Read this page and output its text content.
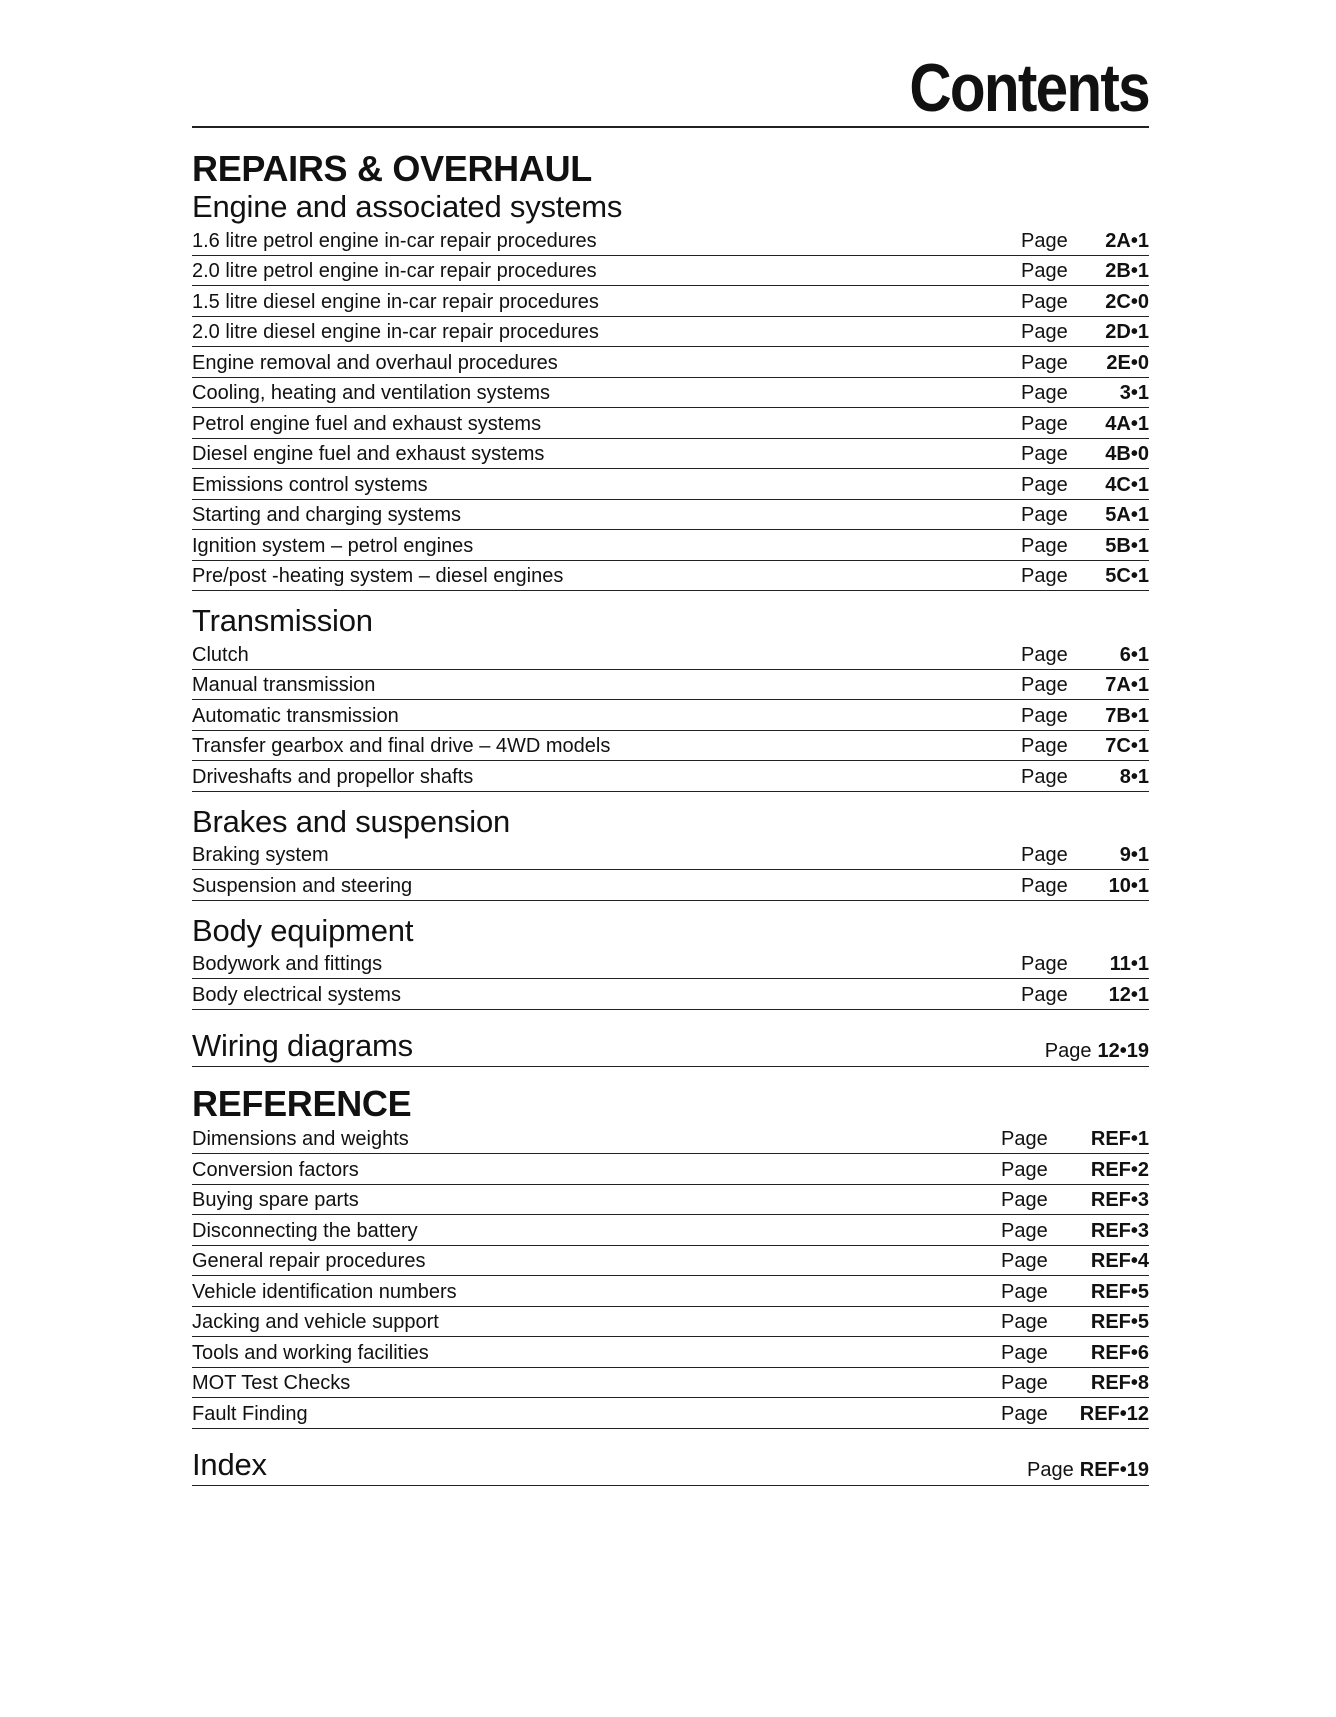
Contents
REPAIRS & OVERHAUL
Engine and associated systems
1.6 litre petrol engine in-car repair procedures	Page	2A•1
2.0 litre petrol engine in-car repair procedures	Page	2B•1
1.5 litre diesel engine in-car repair procedures	Page	2C•0
2.0 litre diesel engine in-car repair procedures	Page	2D•1
Engine removal and overhaul procedures	Page	2E•0
Cooling, heating and ventilation systems	Page	3•1
Petrol engine fuel and exhaust systems	Page	4A•1
Diesel engine fuel and exhaust systems	Page	4B•0
Emissions control systems	Page	4C•1
Starting and charging systems	Page	5A•1
Ignition system – petrol engines	Page	5B•1
Pre/post -heating system – diesel engines	Page	5C•1
Transmission
Clutch	Page	6•1
Manual transmission	Page	7A•1
Automatic transmission	Page	7B•1
Transfer gearbox and final drive – 4WD models	Page	7C•1
Driveshafts and propellor shafts	Page	8•1
Brakes and suspension
Braking system	Page	9•1
Suspension and steering	Page	10•1
Body equipment
Bodywork and fittings	Page	11•1
Body electrical systems	Page	12•1
Wiring diagrams	Page 12•19
REFERENCE
Dimensions and weights	Page	REF•1
Conversion factors	Page	REF•2
Buying spare parts	Page	REF•3
Disconnecting the battery	Page	REF•3
General repair procedures	Page	REF•4
Vehicle identification numbers	Page	REF•5
Jacking and vehicle support	Page	REF•5
Tools and working facilities	Page	REF•6
MOT Test Checks	Page	REF•8
Fault Finding	Page	REF•12
Index	Page REF•19
